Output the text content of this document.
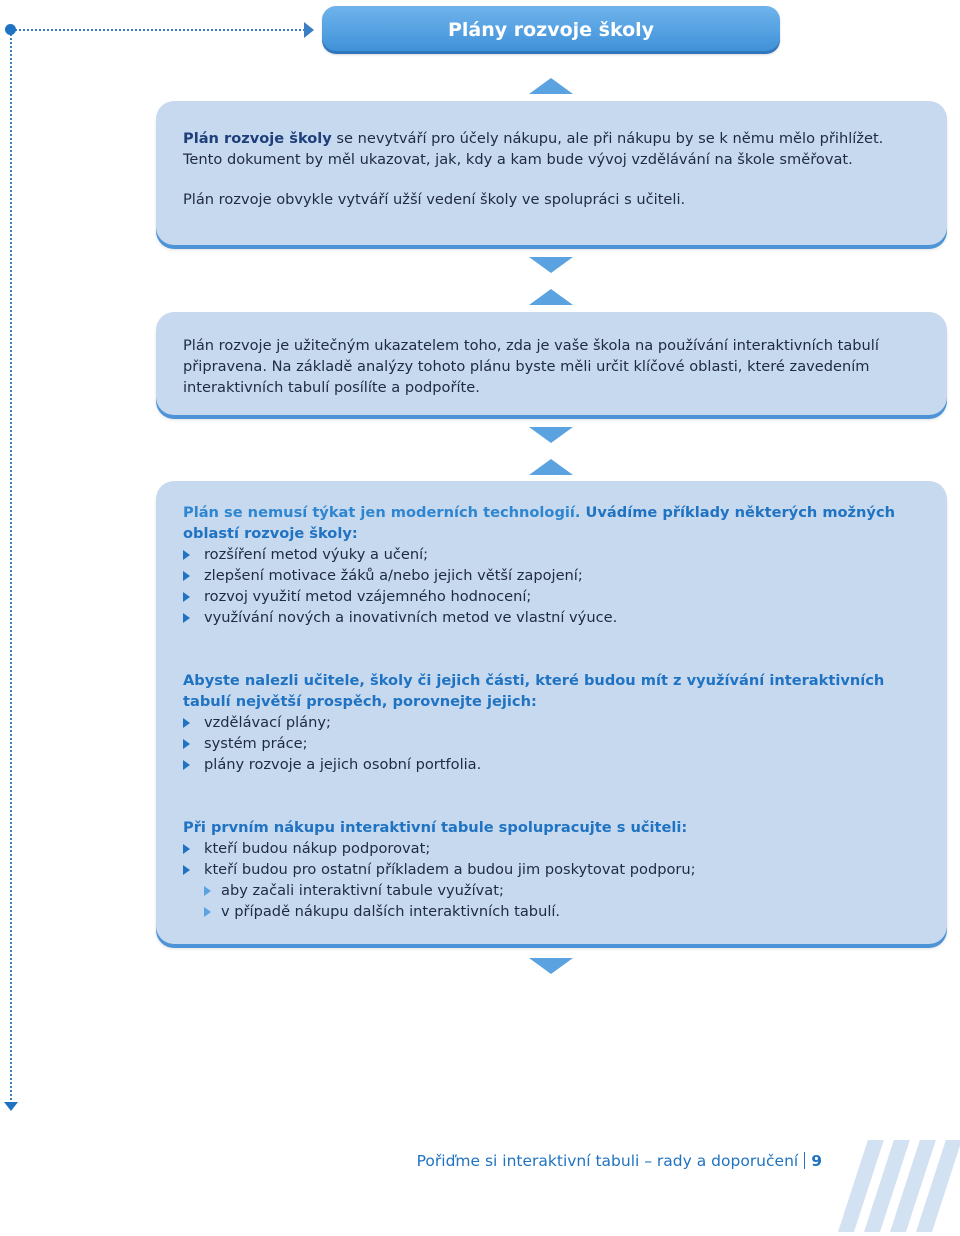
Plány rozvoje školy

Plán rozvoje školy se nevytváří pro účely nákupu, ale při nákupu by se k němu mělo přihlížet. Tento dokument by měl ukazovat, jak, kdy a kam bude vývoj vzdělávání na škole směřovat.

Plán rozvoje obvykle vytváří užší vedení školy ve spolupráci s učiteli.

Plán rozvoje je užitečným ukazatelem toho, zda je vaše škola na používání interaktivních tabulí připravena. Na základě analýzy tohoto plánu byste měli určit klíčové oblasti, které zavedením interaktivních tabulí posílíte a podpoříte.

Plán se nemusí týkat jen moderních technologií. Uvádíme příklady některých možných oblastí rozvoje školy:

rozšíření metod výuky a učení;
zlepšení motivace žáků a/nebo jejich větší zapojení;
rozvoj využití metod vzájemného hodnocení;
využívání nových a inovativních metod ve vlastní výuce.

Abyste nalezli učitele, školy či jejich části, které budou mít z využívání interaktivních tabulí největší prospěch, porovnejte jejich:

vzdělávací plány;
systém práce;
plány rozvoje a jejich osobní portfolia.

Při prvním nákupu interaktivní tabule spolupracujte s učiteli:

kteří budou nákup podporovat;
kteří budou pro ostatní příkladem a budou jim poskytovat podporu;
aby začali interaktivní tabule využívat;
v případě nákupu dalších interaktivních tabulí.
Pořiďme si interaktivní tabuli – rady a doporučení 9
